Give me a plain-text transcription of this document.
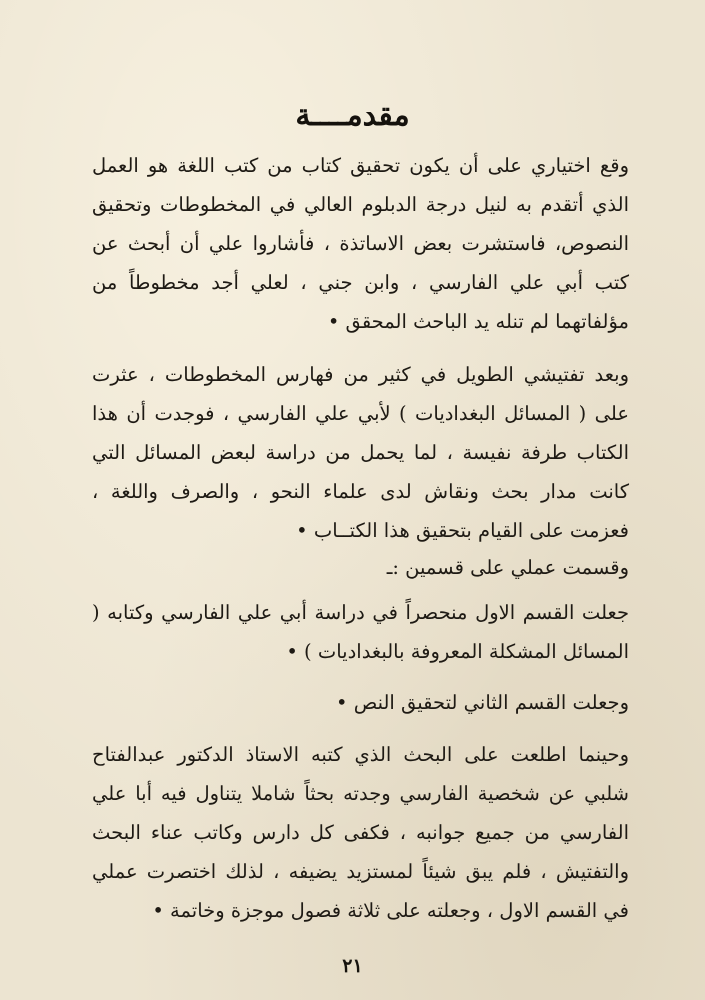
مقدمــــة

وقع اختياري على أن يكون تحقيق كتاب من كتب اللغة هو العمل الذي أتقدم به لنيل درجة الدبلوم العالي في المخطوطات وتحقيق النصوص، فاستشرت بعض الاساتذة ، فأشاروا علي أن أبحث عن كتب أبي علي الفارسي ، وابن جني ، لعلي أجد مخطوطاً من مؤلفاتهما لم تنله يد الباحث المحقق •

وبعد تفتيشي الطويل في كثير من فهارس المخطوطات ، عثرت على ( المسائل البغداديات ) لأبي علي الفارسي ، فوجدت أن هذا الكتاب طرفة نفيسة ، لما يحمل من دراسة لبعض المسائل التي كانت مدار بحث ونقاش لدى علماء النحو ، والصرف واللغة ، فعزمت على القيام بتحقيق هذا الكتــاب •

وقسمت عملي على قسمين :ـ

جعلت القسم الاول منحصراً في دراسة أبي علي الفارسي وكتابه ( المسائل المشكلة المعروفة بالبغداديات ) •

وجعلت القسم الثاني لتحقيق النص •

وحينما اطلعت على البحث الذي كتبه الاستاذ الدكتور عبدالفتاح شلبي عن شخصية الفارسي وجدته بحثاً شاملا يتناول فيه أبا علي الفارسي من جميع جوانبه ، فكفى كل دارس وكاتب عناء البحث والتفتيش ، فلم يبق شيئاً لمستزيد يضيفه ، لذلك اختصرت عملي في القسم الاول ، وجعلته على ثلاثة فصول موجزة وخاتمة •

٢١
